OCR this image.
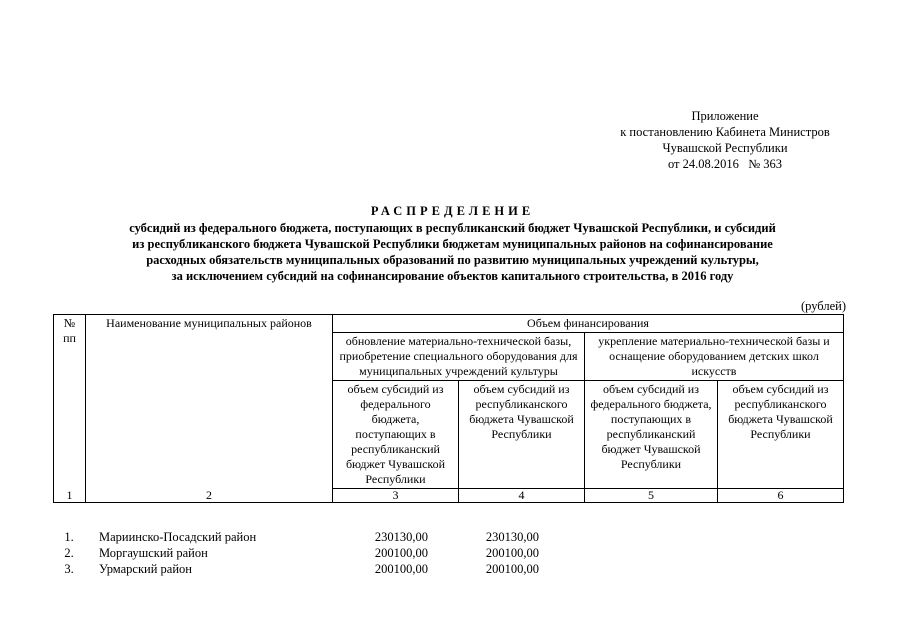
Приложение
к постановлению Кабинета Министров
Чувашской Республики
от 24.08.2016   № 363
РАСПРЕДЕЛЕНИЕ
субсидий из федерального бюджета, поступающих в республиканский бюджет Чувашской Республики, и субсидий
из республиканского бюджета Чувашской Республики бюджетам муниципальных районов на софинансирование
расходных обязательств муниципальных образований по развитию муниципальных учреждений культуры,
за исключением субсидий на софинансирование объектов капитального строительства, в 2016 году
(рублей)
№ пп	Наименование муниципальных районов	Объем финансирования			
		обновление материально-технической базы, приобретение специального оборудования для муниципальных учреждений культуры		укрепление материально-технической базы и оснащение оборудованием детских школ искусств	
		объем субсидий из федерального бюджета, поступающих в республиканский бюджет Чувашской Республики	объем субсидий из республиканского бюджета Чувашской Республики	объем субсидий из федерального бюджета, поступающих в республиканский бюджет Чувашской Республики	объем субсидий из республиканского бюджета Чувашской Республики
1	2	3	4	5	6
1.	Мариинско-Посадский район	230130,00	230130,00		
2.	Моргаушский район	200100,00	200100,00		
3.	Урмарский район	200100,00	200100,00		
